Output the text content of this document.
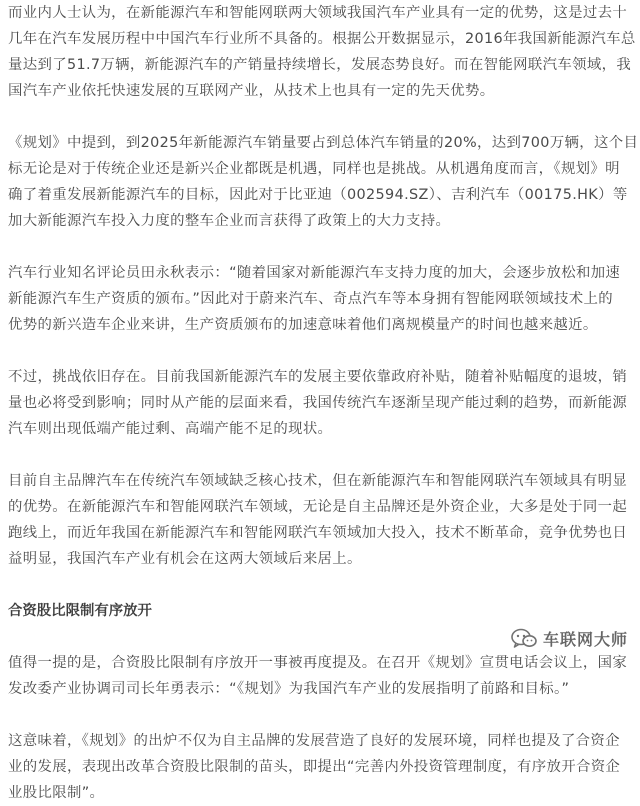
而业内人士认为，在新能源汽车和智能网联两大领域我国汽车产业具有一定的优势，这是过去十
几年在汽车发展历程中中国汽车行业所不具备的。根据公开数据显示，2016年我国新能源汽车总
量达到了51.7万辆，新能源汽车的产销量持续增长，发展态势良好。而在智能网联汽车领域，我
国汽车产业依托快速发展的互联网产业，从技术上也具有一定的先天优势。

《规划》中提到，到2025年新能源汽车销量要占到总体汽车销量的20%，达到700万辆，这个目
标无论是对于传统企业还是新兴企业都既是机遇，同样也是挑战。从机遇角度而言，《规划》明
确了着重发展新能源汽车的目标，因此对于比亚迪（002594.SZ）、吉利汽车（00175.HK）等
加大新能源汽车投入力度的整车企业而言获得了政策上的大力支持。

汽车行业知名评论员田永秋表示：“随着国家对新能源汽车支持力度的加大，会逐步放松和加速
新能源汽车生产资质的颁布。”因此对于蔚来汽车、奇点汽车等本身拥有智能网联领域技术上的
优势的新兴造车企业来讲，生产资质颁布的加速意味着他们离规模量产的时间也越来越近。

不过，挑战依旧存在。目前我国新能源汽车的发展主要依靠政府补贴，随着补贴幅度的退坡，销
量也必将受到影响；同时从产能的层面来看，我国传统汽车逐渐呈现产能过剩的趋势，而新能源
汽车则出现低端产能过剩、高端产能不足的现状。

目前自主品牌汽车在传统汽车领域缺乏核心技术，但在新能源汽车和智能网联汽车领域具有明显
的优势。在新能源汽车和智能网联汽车领域，无论是自主品牌还是外资企业，大多是处于同一起
跑线上，而近年我国在新能源汽车和智能网联汽车领域加大投入，技术不断革命，竞争优势也日
益明显，我国汽车产业有机会在这两大领域后来居上。

合资股比限制有序放开

值得一提的是，合资股比限制有序放开一事被再度提及。在召开《规划》宣贯电话会议上，国家
发改委产业协调司司长年勇表示：“《规划》为我国汽车产业的发展指明了前路和目标。”

这意味着，《规划》的出炉不仅为自主品牌的发展营造了良好的发展环境，同样也提及了合资企
业的发展，表现出改革合资股比限制的苗头，即提出“完善内外投资管理制度，有序放开合资企
业股比限制”。

车联网大师
